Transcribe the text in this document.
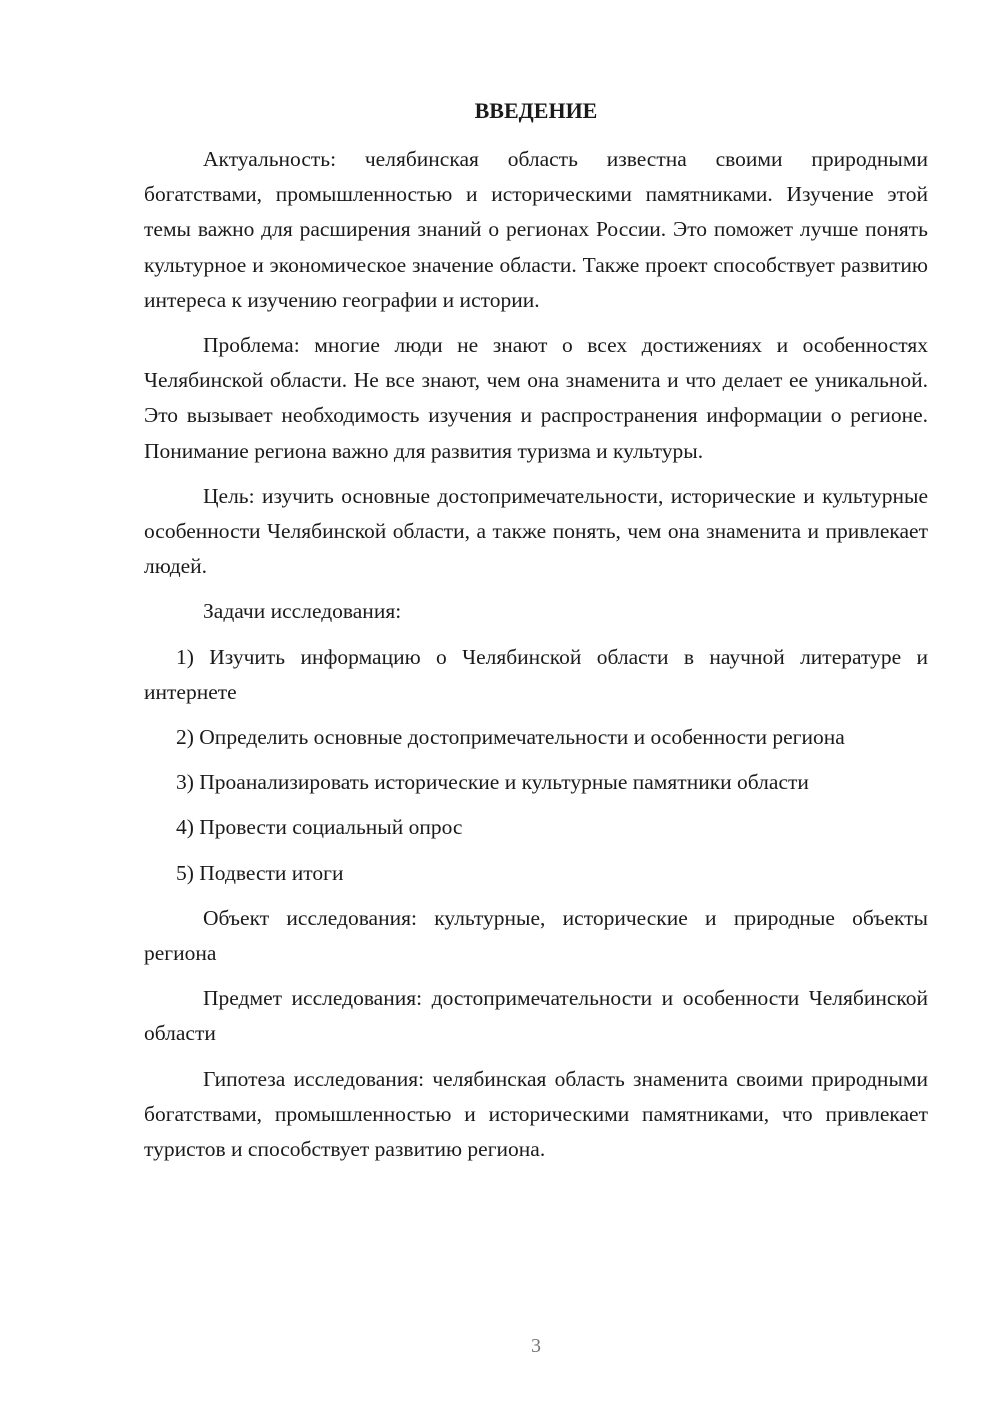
ВВЕДЕНИЕ

Актуальность: челябинская область известна своими природными богатствами, промышленностью и историческими памятниками. Изучение этой темы важно для расширения знаний о регионах России. Это поможет лучше понять культурное и экономическое значение области. Также проект способствует развитию интереса к изучению географии и истории.

Проблема: многие люди не знают о всех достижениях и особенностях Челябинской области. Не все знают, чем она знаменита и что делает ее уникальной. Это вызывает необходимость изучения и распространения информации о регионе. Понимание региона важно для развития туризма и культуры.

Цель: изучить основные достопримечательности, исторические и культурные особенности Челябинской области, а также понять, чем она знаменита и привлекает людей.

Задачи исследования:

1) Изучить информацию о Челябинской области в научной литературе и интернете

2) Определить основные достопримечательности и особенности региона

3) Проанализировать исторические и культурные памятники области

4) Провести социальный опрос

5) Подвести итоги

Объект исследования: культурные, исторические и природные объекты региона

Предмет исследования: достопримечательности и особенности Челябинской области

Гипотеза исследования: челябинская область знаменита своими природными богатствами, промышленностью и историческими памятниками, что привлекает туристов и способствует развитию региона.

3
